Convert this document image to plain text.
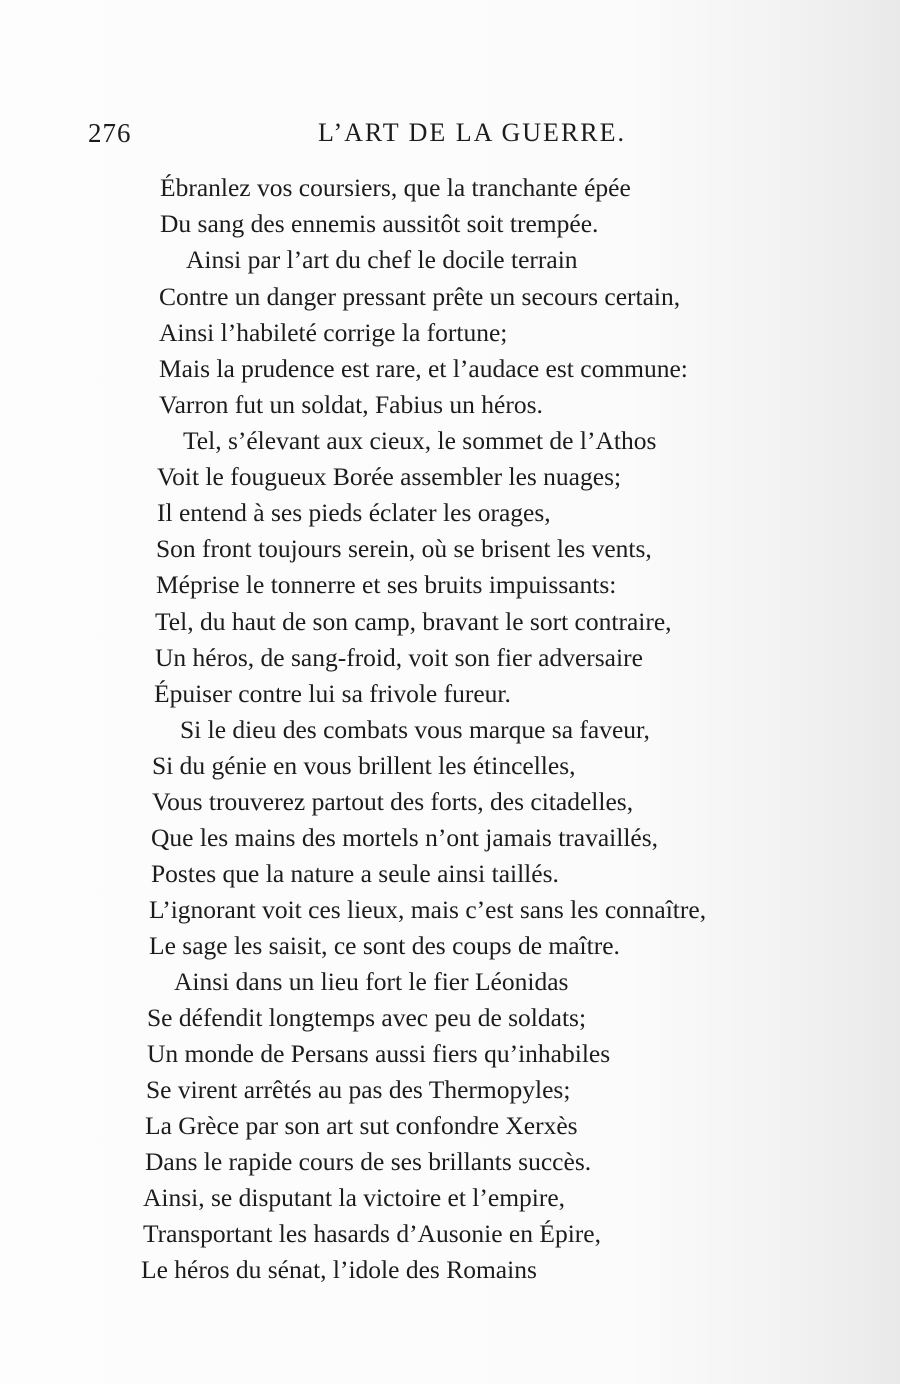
276	L’ART DE LA GUERRE.
Ébranlez vos coursiers, que la tranchante épée
Du sang des ennemis aussitôt soit trempée.
Ainsi par l’art du chef le docile terrain
Contre un danger pressant prête un secours certain,
Ainsi l’habileté corrige la fortune;
Mais la prudence est rare, et l’audace est commune:
Varron fut un soldat, Fabius un héros.
Tel, s’élevant aux cieux, le sommet de l’Athos
Voit le fougueux Borée assembler les nuages;
Il entend à ses pieds éclater les orages,
Son front toujours serein, où se brisent les vents,
Méprise le tonnerre et ses bruits impuissants:
Tel, du haut de son camp, bravant le sort contraire,
Un héros, de sang-froid, voit son fier adversaire
Épuiser contre lui sa frivole fureur.
Si le dieu des combats vous marque sa faveur,
Si du génie en vous brillent les étincelles,
Vous trouverez partout des forts, des citadelles,
Que les mains des mortels n’ont jamais travaillés,
Postes que la nature a seule ainsi taillés.
L’ignorant voit ces lieux, mais c’est sans les connaître,
Le sage les saisit, ce sont des coups de maître.
Ainsi dans un lieu fort le fier Léonidas
Se défendit longtemps avec peu de soldats;
Un monde de Persans aussi fiers qu’inhabiles
Se virent arrêtés au pas des Thermopyles;
La Grèce par son art sut confondre Xerxès
Dans le rapide cours de ses brillants succès.
Ainsi, se disputant la victoire et l’empire,
Transportant les hasards d’Ausonie en Épire,
Le héros du sénat, l’idole des Romains
